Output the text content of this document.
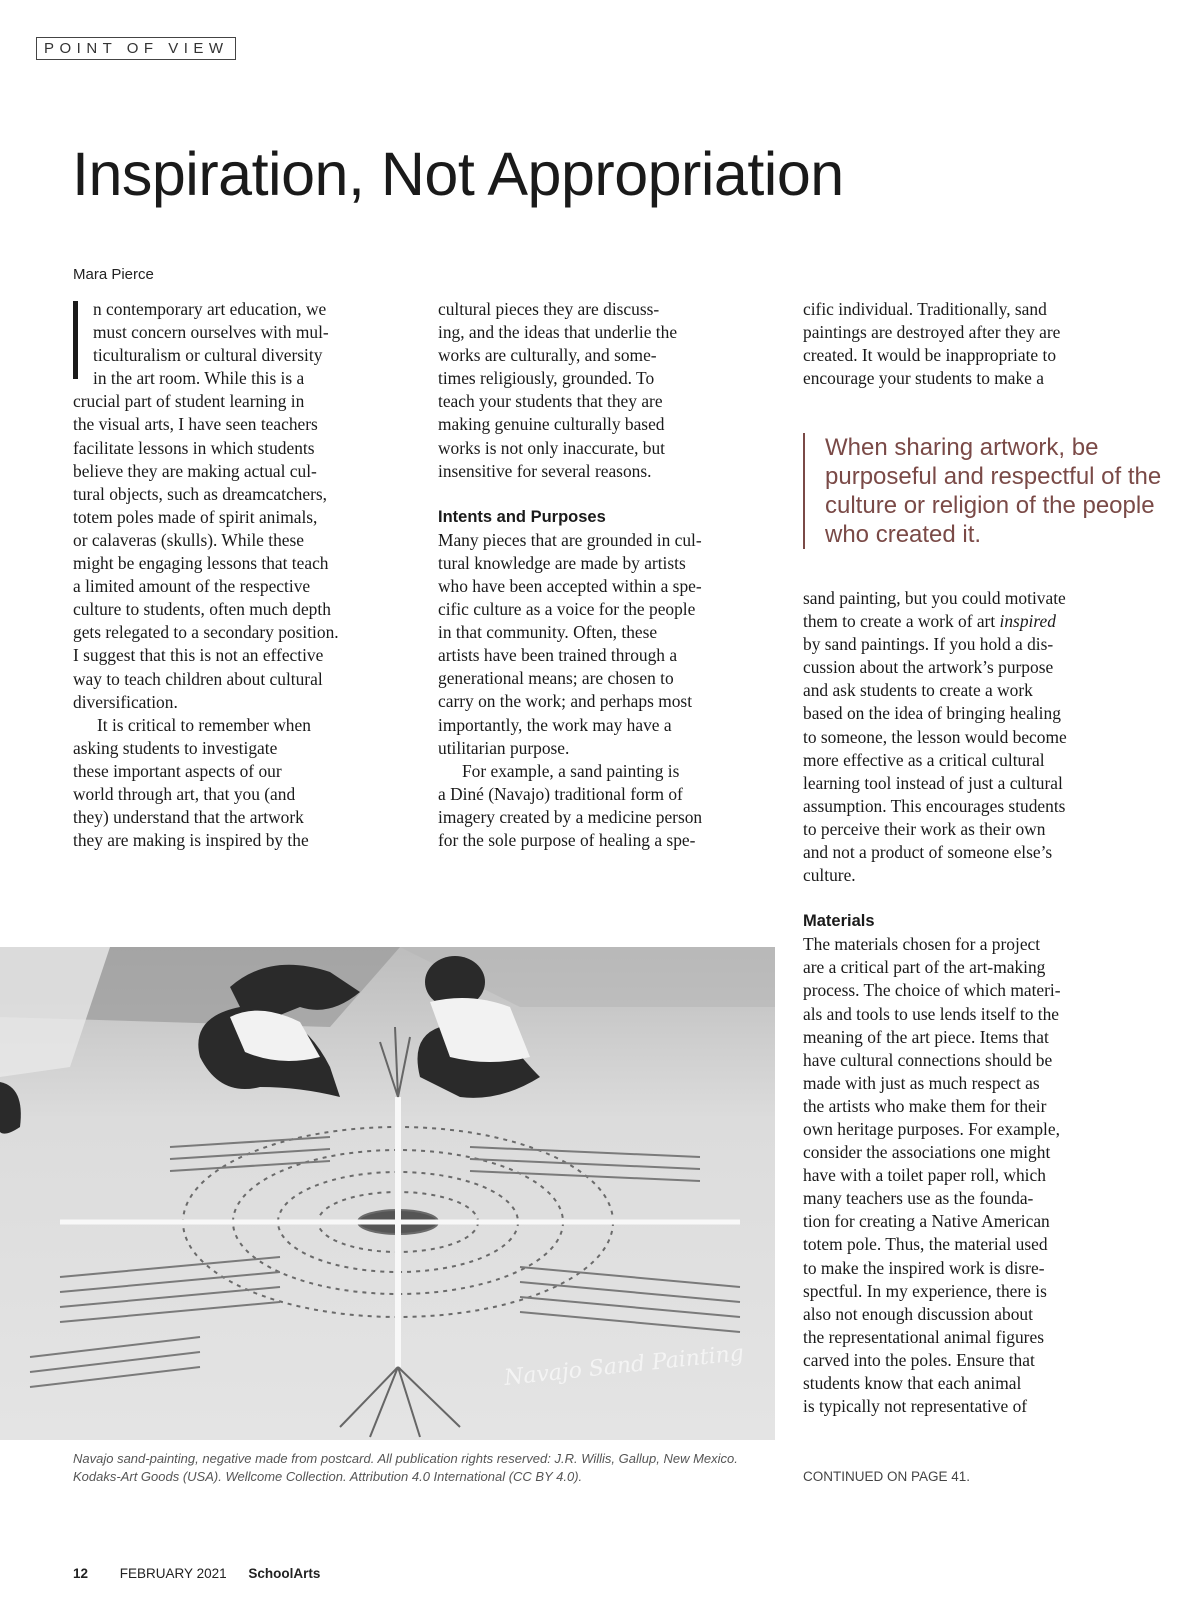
POINT OF VIEW
Inspiration, Not Appropriation
Mara Pierce
n contemporary art education, we
must concern ourselves with mul-
ticulturalism or cultural diversity
in the art room. While this is a
crucial part of student learning in
the visual arts, I have seen teachers
facilitate lessons in which students
believe they are making actual cul-
tural objects, such as dreamcatchers,
totem poles made of spirit animals,
or calaveras (skulls). While these
might be engaging lessons that teach
a limited amount of the respective
culture to students, often much depth
gets relegated to a secondary position.
I suggest that this is not an effective
way to teach children about cultural
diversification.
It is critical to remember when
asking students to investigate
these important aspects of our
world through art, that you (and
they) understand that the artwork
they are making is inspired by the
cultural pieces they are discuss-
ing, and the ideas that underlie the
works are culturally, and some-
times religiously, grounded. To
teach your students that they are
making genuine culturally based
works is not only inaccurate, but
insensitive for several reasons.
Intents and Purposes
Many pieces that are grounded in cul-
tural knowledge are made by artists
who have been accepted within a spe-
cific culture as a voice for the people
in that community. Often, these
artists have been trained through a
generational means; are chosen to
carry on the work; and perhaps most
importantly, the work may have a
utilitarian purpose.
For example, a sand painting is
a Diné (Navajo) traditional form of
imagery created by a medicine person
for the sole purpose of healing a spe-
cific individual. Traditionally, sand
paintings are destroyed after they are
created. It would be inappropriate to
encourage your students to make a
When sharing artwork, be purposeful and respectful of the culture or religion of the people who created it.
sand painting, but you could motivate
them to create a work of art inspired
by sand paintings. If you hold a dis-
cussion about the artwork’s purpose
and ask students to create a work
based on the idea of bringing healing
to someone, the lesson would become
more effective as a critical cultural
learning tool instead of just a cultural
assumption. This encourages students
to perceive their work as their own
and not a product of someone else’s
culture.
Materials
The materials chosen for a project
are a critical part of the art-making
process. The choice of which materi-
als and tools to use lends itself to the
meaning of the art piece. Items that
have cultural connections should be
made with just as much respect as
the artists who make them for their
own heritage purposes. For example,
consider the associations one might
have with a toilet paper roll, which
many teachers use as the founda-
tion for creating a Native American
totem pole. Thus, the material used
to make the inspired work is disre-
spectful. In my experience, there is
also not enough discussion about
the representational animal figures
carved into the poles. Ensure that
students know that each animal
is typically not representative of
Navajo Sand Painting
Navajo sand-painting, negative made from postcard. All publication rights reserved: J.R. Willis, Gallup, New Mexico. Kodaks-Art Goods (USA). Wellcome Collection. Attribution 4.0 International (CC BY 4.0).	CONTINUED ON PAGE 41.
12 FEBRUARY 2021 SchoolArts
